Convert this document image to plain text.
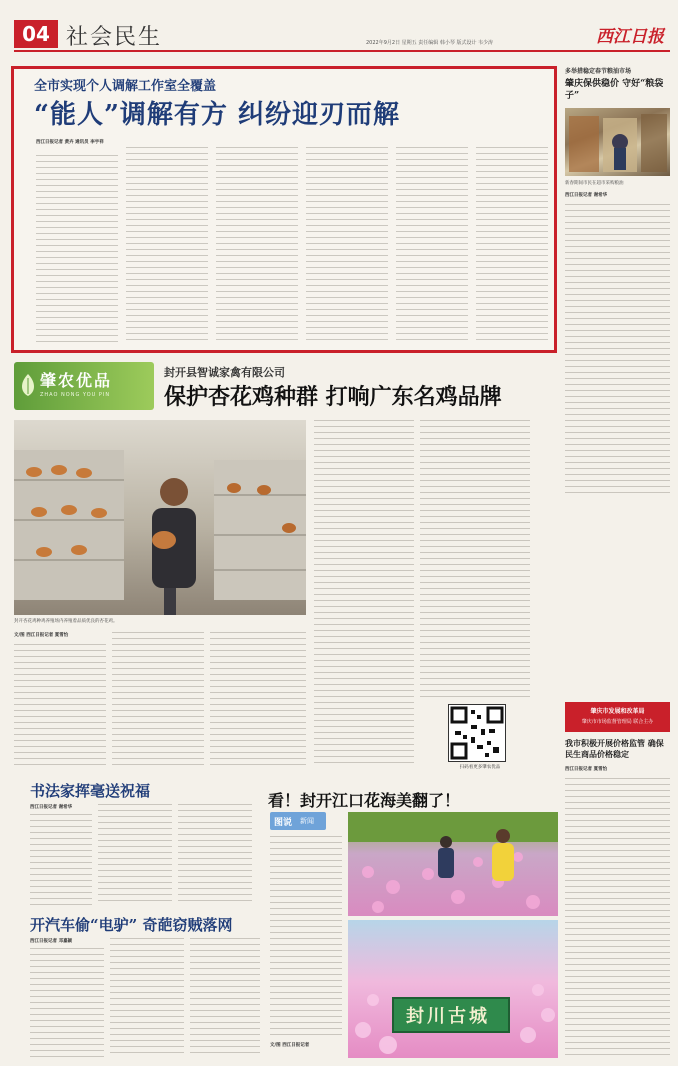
04 社会民生	2022年9月2日 星期五 责任编辑 韩小琴 版式设计 韦少涛	西江日报
全市实现个人调解工作室全覆盖
“能人”调解有方 纠纷迎刃而解
西江日报记者 黄卉 通讯员 李宇祥
多举措稳定春节粮油市场
肇庆保供稳价 守好“粮袋子”
新春期间市民在超市采购粮油
西江日报记者 谢希华
肇农优品
ZHAO NONG YOU PIN
封开县智诚家禽有限公司
保护杏花鸡种群 打响广东名鸡品牌
封开杏花鸡种鸡养殖场内养殖着品质优良的杏花鸡。
文/图 西江日报记者 夏雪怡
扫码看更多肇农优品
肇庆市发展和改革局
肇庆市市场监督管理局 联合主办
我市积极开展价格监管 确保民生商品价格稳定
西江日报记者 夏雪怡
书法家挥毫送祝福
西江日报记者 谢希华
开汽车偷“电驴” 奇葩窃贼落网
西江日报记者 邓嘉颖
看！封开江口花海美翻了！
图说 新闻
文/图 西江日报记者
封川古城
